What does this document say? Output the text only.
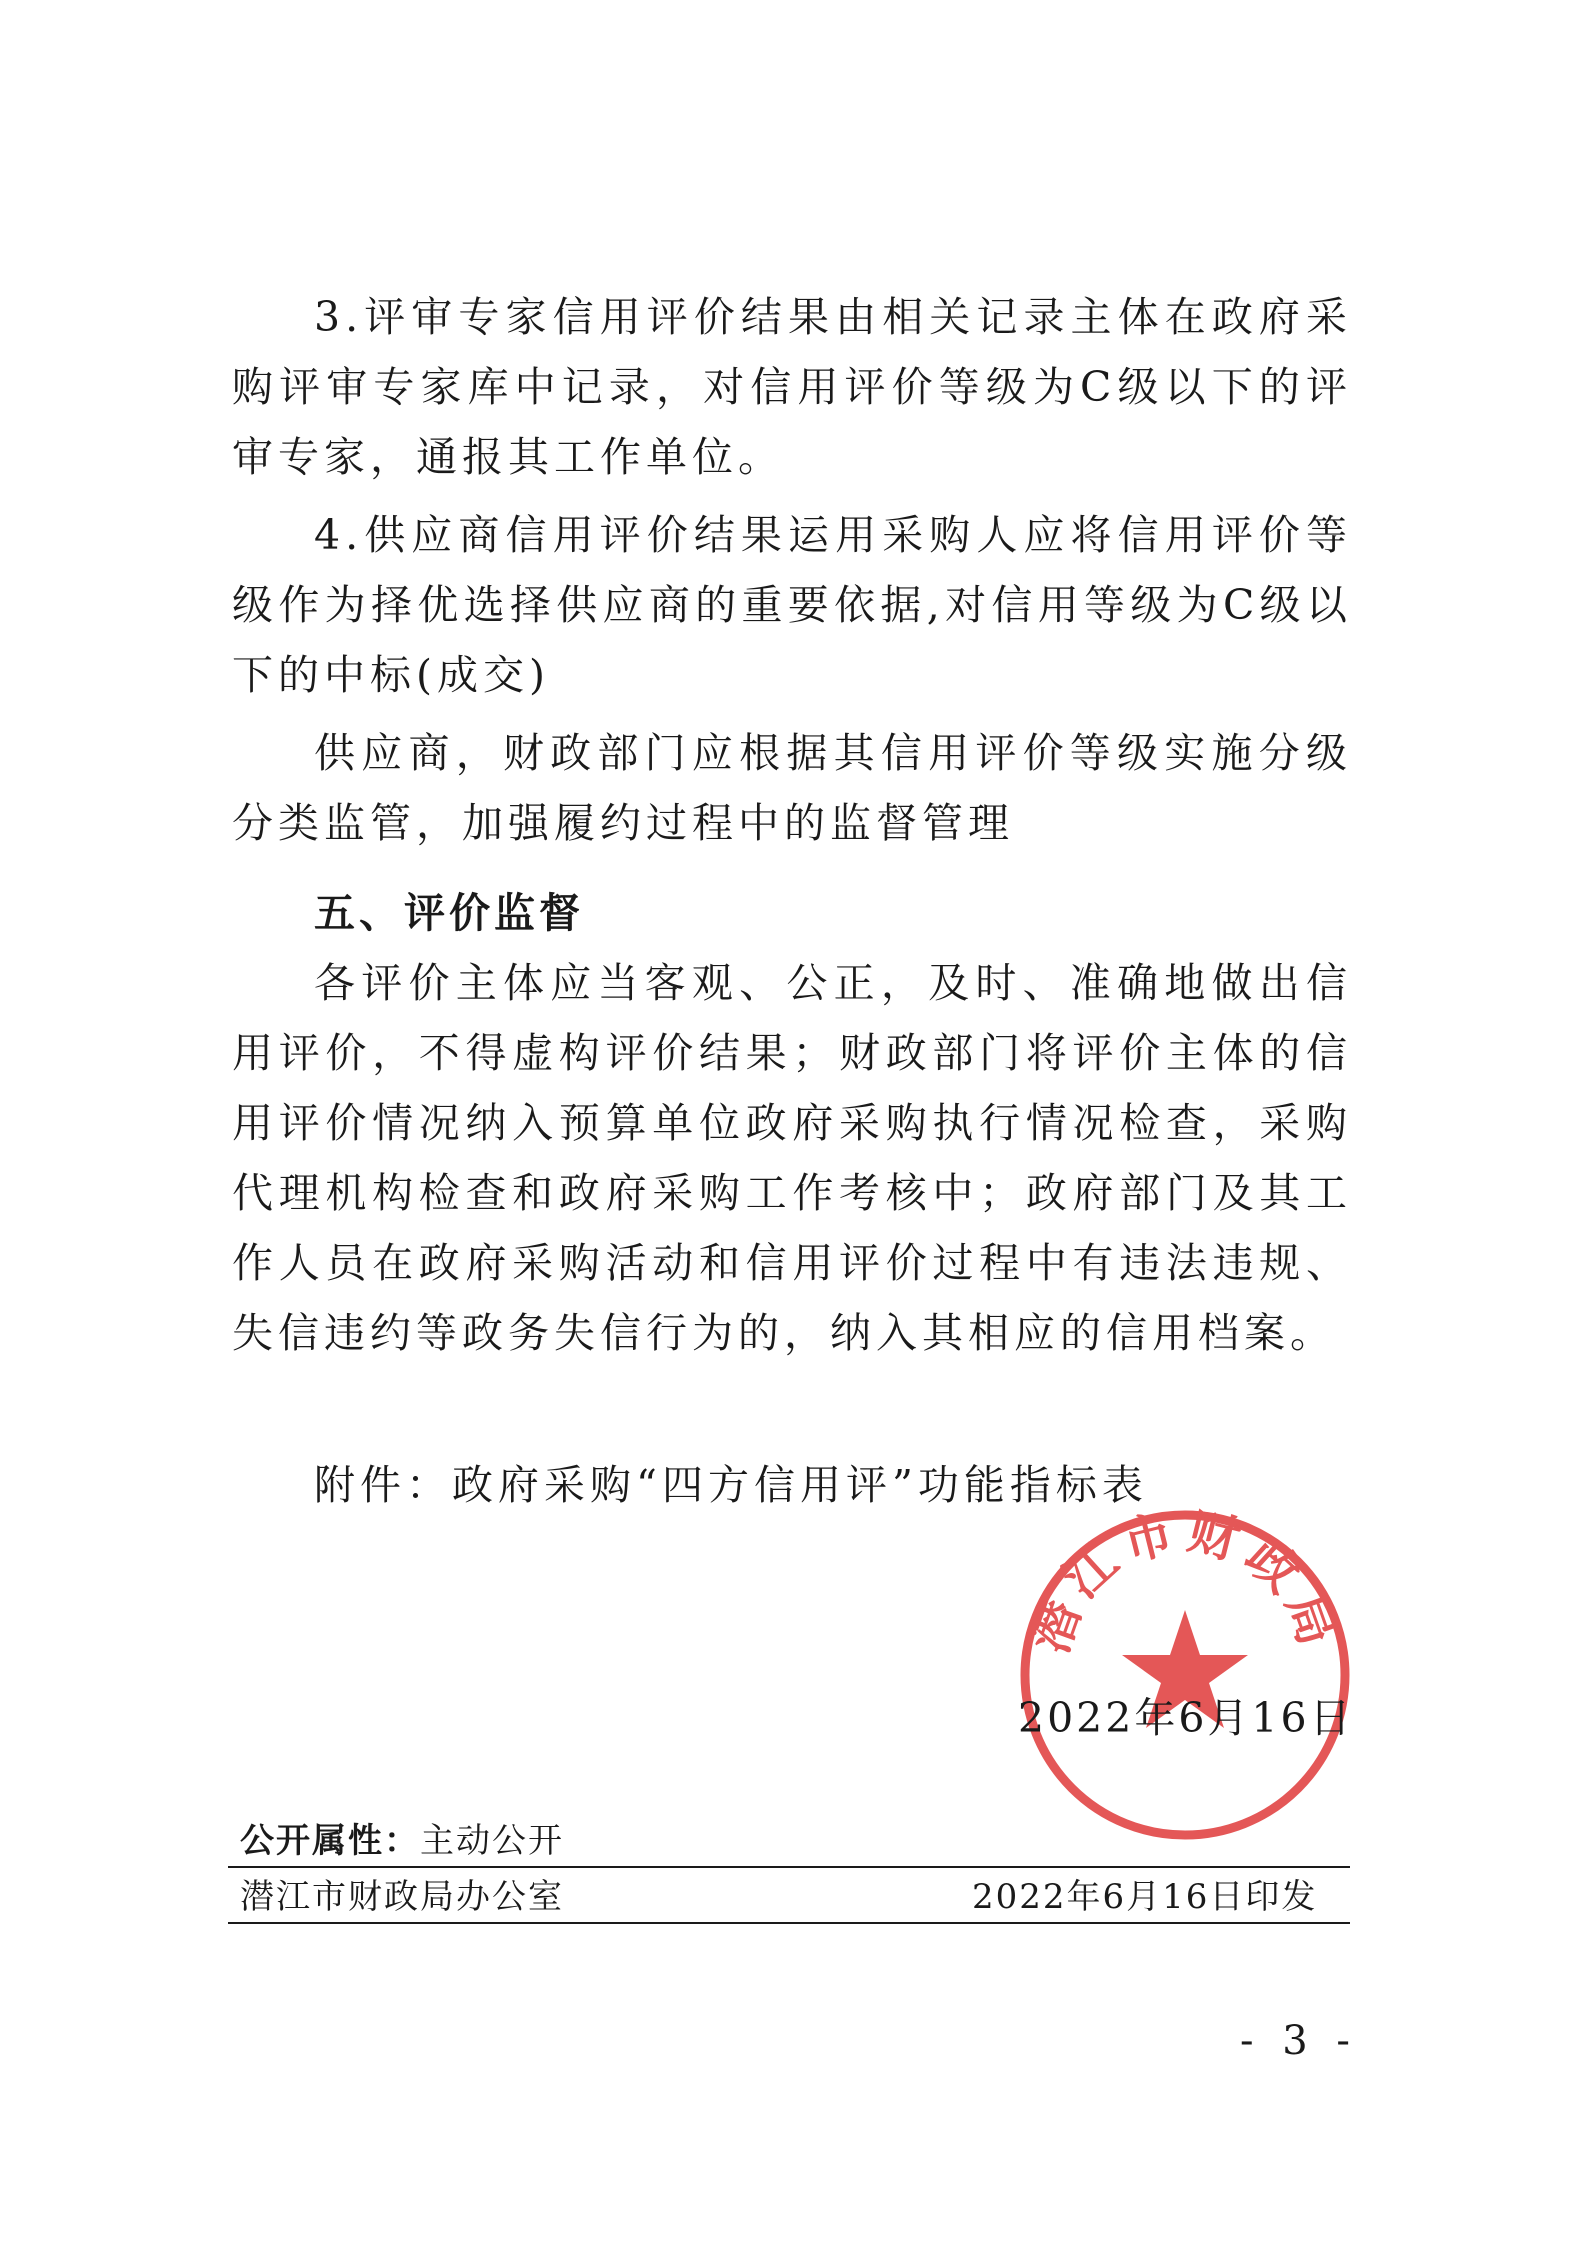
3.评审专家信用评价结果由相关记录主体在政府采购评审专家库中记录，对信用评价等级为C级以下的评审专家，通报其工作单位。

4.供应商信用评价结果运用采购人应将信用评价等级作为择优选择供应商的重要依据,对信用等级为C级以下的中标(成交)

供应商，财政部门应根据其信用评价等级实施分级分类监管，加强履约过程中的监督管理

五、评价监督

各评价主体应当客观、公正，及时、准确地做出信用评价，不得虚构评价结果；财政部门将评价主体的信用评价情况纳入预算单位政府采购执行情况检查，采购代理机构检查和政府采购工作考核中；政府部门及其工作人员在政府采购活动和信用评价过程中有违法违规、失信违约等政务失信行为的，纳入其相应的信用档案。

附件：政府采购“四方信用评”功能指标表

潜江市财政局
2022年6月16日
公开属性：主动公开
潜江市财政局办公室	2022年6月16日印发
- 3 -
